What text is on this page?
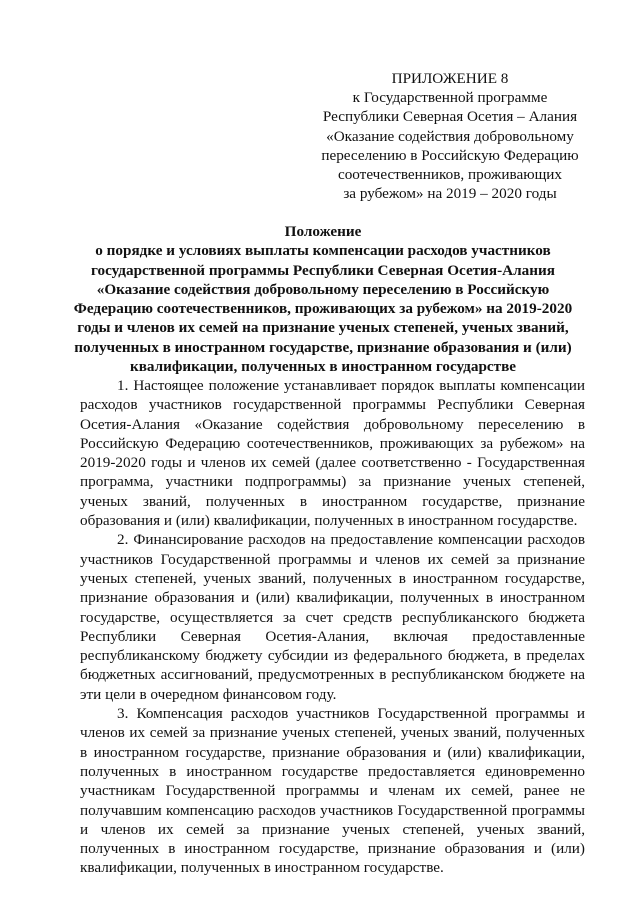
ПРИЛОЖЕНИЕ 8
к Государственной программе
Республики Северная Осетия – Алания
«Оказание содействия добровольному
переселению в Российскую Федерацию
соотечественников, проживающих
за рубежом» на 2019 – 2020 годы
Положение
о порядке и условиях выплаты компенсации расходов участников
государственной программы Республики Северная Осетия-Алания
«Оказание содействия добровольному переселению в Российскую
Федерацию соотечественников, проживающих за рубежом» на 2019-2020
годы и членов их семей на признание ученых степеней, ученых званий,
полученных в иностранном государстве, признание образования и (или)
квалификации, полученных в иностранном государстве

1. Настоящее положение устанавливает порядок выплаты компенсации расходов участников государственной программы Республики Северная Осетия-Алания «Оказание содействия добровольному переселению в Российскую Федерацию соотечественников, проживающих за рубежом» на 2019-2020 годы и членов их семей (далее соответственно - Государственная программа, участники подпрограммы) за признание ученых степеней, ученых званий, полученных в иностранном государстве, признание образования и (или) квалификации, полученных в иностранном государстве.

2. Финансирование расходов на предоставление компенсации расходов участников Государственной программы и членов их семей за признание ученых степеней, ученых званий, полученных в иностранном государстве, признание образования и (или) квалификации, полученных в иностранном государстве, осуществляется за счет средств республиканского бюджета Республики Северная Осетия-Алания, включая предоставленные республиканскому бюджету субсидии из федерального бюджета, в пределах бюджетных ассигнований, предусмотренных в республиканском бюджете на эти цели в очередном финансовом году.

3. Компенсация расходов участников Государственной программы и членов их семей за признание ученых степеней, ученых званий, полученных в иностранном государстве, признание образования и (или) квалификации, полученных в иностранном государстве предоставляется единовременно участникам Государственной программы и членам их семей, ранее не получавшим компенсацию расходов участников Государственной программы и членов их семей за признание ученых степеней, ученых званий, полученных в иностранном государстве, признание образования и (или) квалификации, полученных в иностранном государстве.
